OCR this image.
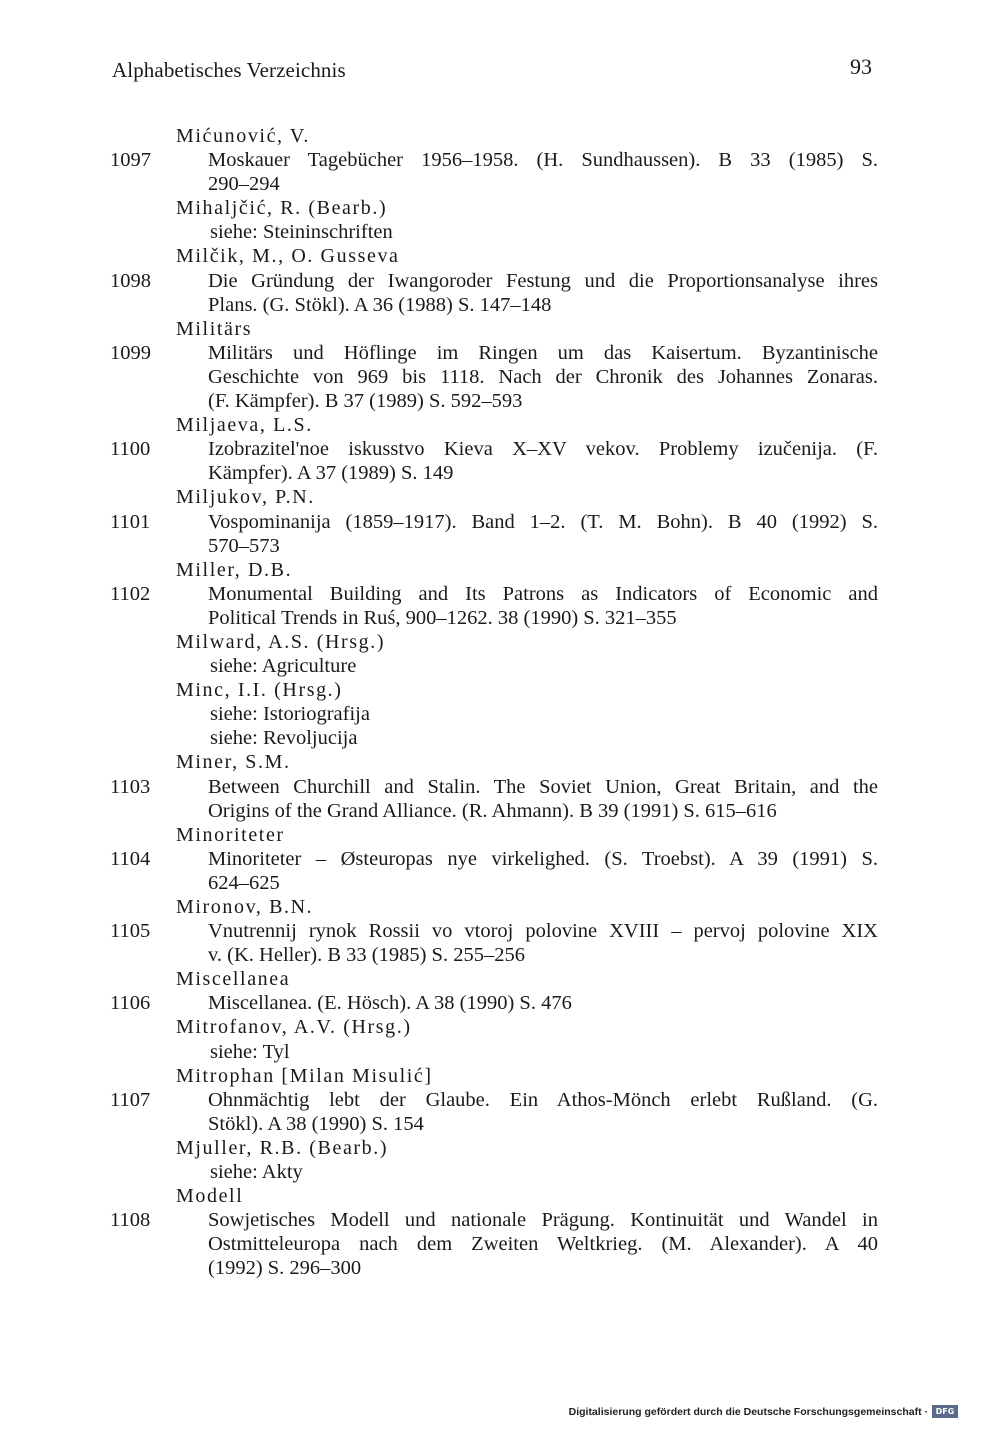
Alphabetisches Verzeichnis	93
Mićunović, V.
1097	Moskauer Tagebücher 1956–1958. (H. Sundhaussen). B 33 (1985) S.
290–294
Mihaljčić, R. (Bearb.)
siehe: Steininschriften
Milčik, M., O. Gusseva
1098	Die Gründung der Iwangoroder Festung und die Proportionsanalyse ihres
Plans. (G. Stökl). A 36 (1988) S. 147–148
Militärs
1099	Militärs und Höflinge im Ringen um das Kaisertum. Byzantinische
Geschichte von 969 bis 1118. Nach der Chronik des Johannes Zonaras.
(F. Kämpfer). B 37 (1989) S. 592–593
Miljaeva, L.S.
1100	Izobrazitel'noe iskusstvo Kieva X–XV vekov. Problemy izučenija. (F.
Kämpfer). A 37 (1989) S. 149
Miljukov, P.N.
1101	Vospominanija (1859–1917). Band 1–2. (T. M. Bohn). B 40 (1992) S.
570–573
Miller, D.B.
1102	Monumental Building and Its Patrons as Indicators of Economic and
Political Trends in Ruś, 900–1262. 38 (1990) S. 321–355
Milward, A.S. (Hrsg.)
siehe: Agriculture
Minc, I.I. (Hrsg.)
siehe: Istoriografija
siehe: Revoljucija
Miner, S.M.
1103	Between Churchill and Stalin. The Soviet Union, Great Britain, and the
Origins of the Grand Alliance. (R. Ahmann). B 39 (1991) S. 615–616
Minoriteter
1104	Minoriteter – Østeuropas nye virkelighed. (S. Troebst). A 39 (1991) S.
624–625
Mironov, B.N.
1105	Vnutrennij rynok Rossii vo vtoroj polovine XVIII – pervoj polovine XIX
v. (K. Heller). B 33 (1985) S. 255–256
Miscellanea
1106	Miscellanea. (E. Hösch). A 38 (1990) S. 476
Mitrofanov, A.V. (Hrsg.)
siehe: Tyl
Mitrophan [Milan Misulić]
1107	Ohnmächtig lebt der Glaube. Ein Athos-Mönch erlebt Rußland. (G.
Stökl). A 38 (1990) S. 154
Mjuller, R.B. (Bearb.)
siehe: Akty
Modell
1108	Sowjetisches Modell und nationale Prägung. Kontinuität und Wandel in
Ostmitteleuropa nach dem Zweiten Weltkrieg. (M. Alexander). A 40
(1992) S. 296–300
Digitalisierung gefördert durch die Deutsche Forschungsgemeinschaft · DFG
